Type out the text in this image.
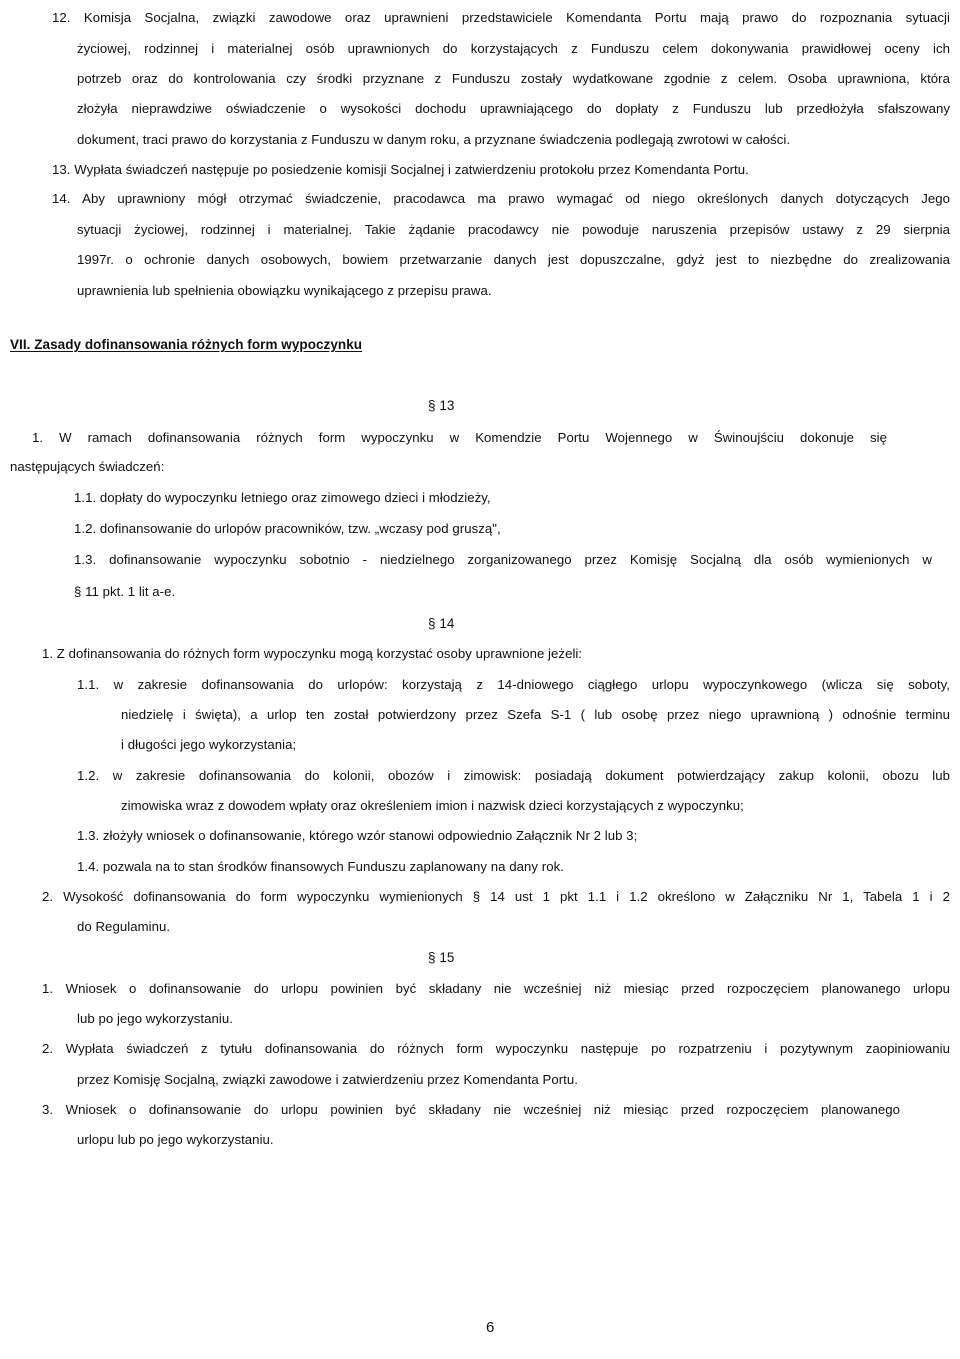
12. Komisja Socjalna, związki zawodowe oraz uprawnieni przedstawiciele Komendanta Portu mają prawo do rozpoznania sytuacji
życiowej, rodzinnej i materialnej osób uprawnionych do korzystających z Funduszu celem dokonywania prawidłowej oceny ich
potrzeb oraz do kontrolowania czy środki przyznane z Funduszu zostały wydatkowane zgodnie z celem. Osoba uprawniona, która
złożyła nieprawdziwe oświadczenie o wysokości dochodu uprawniającego do dopłaty z Funduszu lub przedłożyła sfałszowany
dokument, traci prawo do korzystania z Funduszu w danym roku, a przyznane świadczenia podlegają zwrotowi w całości.
13. Wypłata świadczeń następuje po posiedzenie komisji Socjalnej i zatwierdzeniu protokołu przez Komendanta Portu.
14. Aby uprawniony mógł otrzymać świadczenie, pracodawca ma prawo wymagać od niego określonych danych dotyczących Jego
sytuacji życiowej, rodzinnej i materialnej. Takie żądanie pracodawcy nie powoduje naruszenia przepisów ustawy z 29 sierpnia
1997r. o ochronie danych osobowych, bowiem przetwarzanie danych jest dopuszczalne, gdyż jest to niezbędne do zrealizowania
uprawnienia lub spełnienia obowiązku wynikającego z przepisu prawa.
VII. Zasady dofinansowania różnych form wypoczynku
§ 13
1. W ramach dofinansowania różnych form wypoczynku w Komendzie Portu Wojennego w Świnoujściu dokonuje się
następujących świadczeń:
1.1. dopłaty do wypoczynku letniego oraz zimowego dzieci i młodzieży,
1.2. dofinansowanie do urlopów pracowników, tzw. „wczasy pod gruszą",
1.3. dofinansowanie wypoczynku sobotnio - niedzielnego zorganizowanego przez Komisję Socjalną dla osób wymienionych w
§ 11 pkt. 1 lit a-e.
§ 14
1. Z dofinansowania do różnych form wypoczynku mogą korzystać osoby uprawnione jeżeli:
1.1. w zakresie dofinansowania do urlopów: korzystają z 14-dniowego ciągłego urlopu wypoczynkowego (wlicza się soboty,
niedzielę i święta), a urlop ten został potwierdzony przez Szefa S-1 ( lub osobę przez niego uprawnioną ) odnośnie terminu
i długości jego wykorzystania;
1.2. w zakresie dofinansowania do kolonii, obozów i zimowisk: posiadają dokument potwierdzający zakup kolonii, obozu lub
zimowiska wraz z dowodem wpłaty oraz określeniem imion i nazwisk dzieci korzystających z wypoczynku;
1.3. złożyły wniosek o dofinansowanie, którego wzór stanowi odpowiednio Załącznik Nr 2 lub 3;
1.4. pozwala na to stan środków finansowych Funduszu zaplanowany na dany rok.
2. Wysokość dofinansowania do form wypoczynku wymienionych § 14 ust 1 pkt 1.1 i 1.2 określono w Załączniku Nr 1, Tabela 1 i 2
do Regulaminu.
§ 15
1. Wniosek o dofinansowanie do urlopu powinien być składany nie wcześniej niż miesiąc przed rozpoczęciem planowanego urlopu
lub po jego wykorzystaniu.
2. Wypłata świadczeń z tytułu dofinansowania do różnych form wypoczynku następuje po rozpatrzeniu i pozytywnym zaopiniowaniu
przez Komisję Socjalną, związki zawodowe i zatwierdzeniu przez Komendanta Portu.
3. Wniosek o dofinansowanie do urlopu powinien być składany nie wcześniej niż miesiąc przed rozpoczęciem planowanego
urlopu lub po jego wykorzystaniu.
6
